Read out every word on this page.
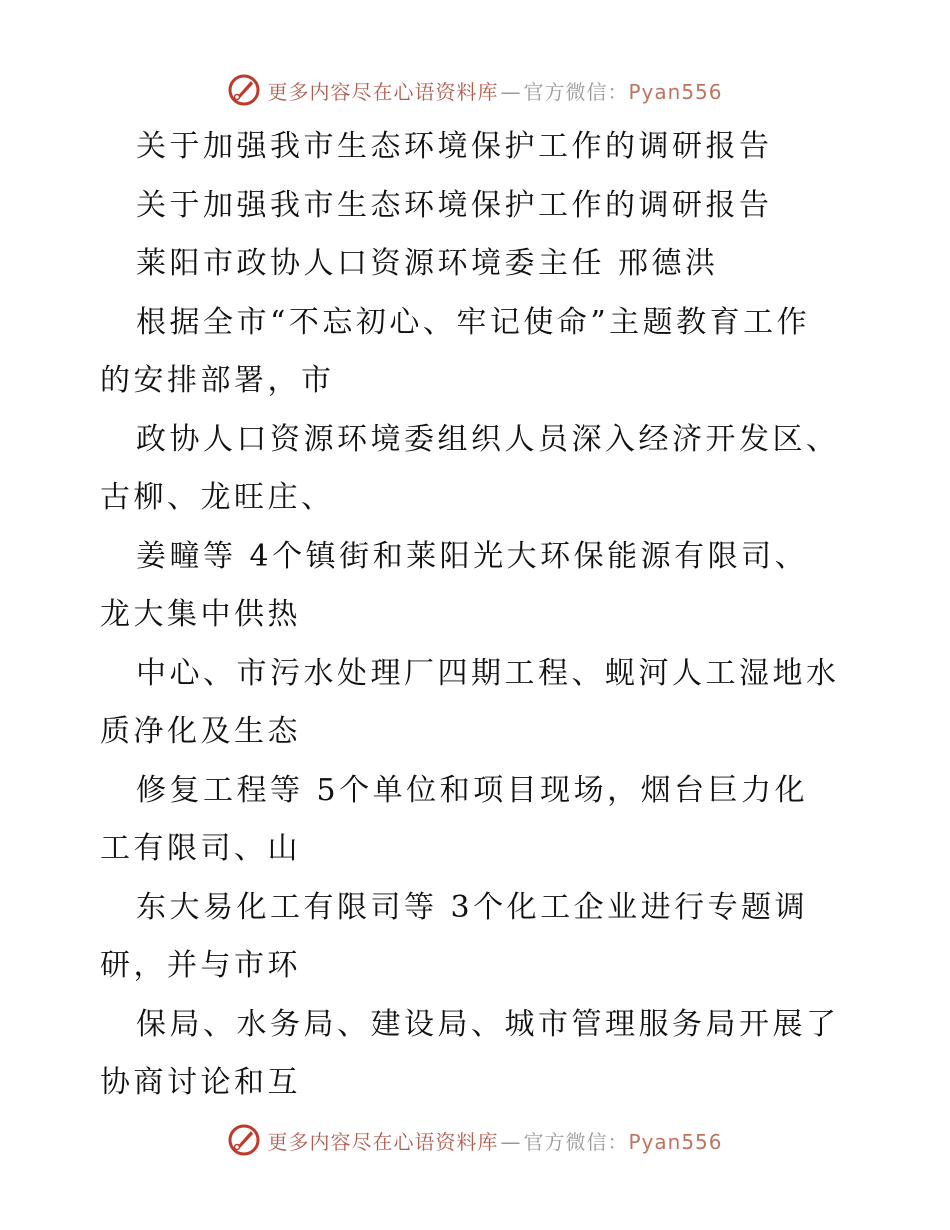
更多内容尽在心语资料库 — 官方微信：Pyan556
关于加强我市生态环境保护工作的调研报告
关于加强我市生态环境保护工作的调研报告
莱阳市政协人口资源环境委主任 邢德洪
根据全市“不忘初心、牢记使命”主题教育工作
的安排部署，市
政协人口资源环境委组织人员深入经济开发区、
古柳、龙旺庄、
姜疃等 4个镇街和莱阳光大环保能源有限司、
龙大集中供热
中心、市污水处理厂四期工程、蚬河人工湿地水
质净化及生态
修复工程等 5个单位和项目现场，烟台巨力化
工有限司、山
东大易化工有限司等 3个化工企业进行专题调
研，并与市环
保局、水务局、建设局、城市管理服务局开展了
协商讨论和互
更多内容尽在心语资料库 — 官方微信：Pyan556
